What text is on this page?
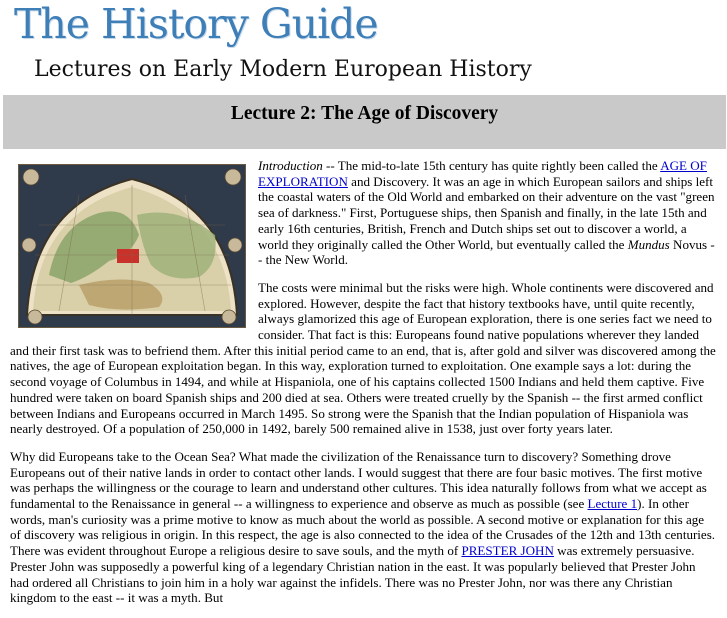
The History Guide
Lectures on Early Modern European History
Lecture 2: The Age of Discovery

Introduction -- The mid-to-late 15th century has quite rightly been called the AGE OF EXPLORATION and Discovery. It was an age in which European sailors and ships left the coastal waters of the Old World and embarked on their adventure on the vast "green sea of darkness." First, Portuguese ships, then Spanish and finally, in the late 15th and early 16th centuries, British, French and Dutch ships set out to discover a world, a world they originally called the Other World, but eventually called the Mundus Novus -- the New World.

The costs were minimal but the risks were high. Whole continents were discovered and explored. However, despite the fact that history textbooks have, until quite recently, always glamorized this age of European exploration, there is one series fact we need to consider. That fact is this: Europeans found native populations wherever they landed and their first task was to befriend them. After this initial period came to an end, that is, after gold and silver was discovered among the natives, the age of European exploitation began. In this way, exploration turned to exploitation. One example says a lot: during the second voyage of Columbus in 1494, and while at Hispaniola, one of his captains collected 1500 Indians and held them captive. Five hundred were taken on board Spanish ships and 200 died at sea. Others were treated cruelly by the Spanish -- the first armed conflict between Indians and Europeans occurred in March 1495. So strong were the Spanish that the Indian population of Hispaniola was nearly destroyed. Of a population of 250,000 in 1492, barely 500 remained alive in 1538, just over forty years later.

Why did Europeans take to the Ocean Sea? What made the civilization of the Renaissance turn to discovery? Something drove Europeans out of their native lands in order to contact other lands. I would suggest that there are four basic motives. The first motive was perhaps the willingness or the courage to learn and understand other cultures. This idea naturally follows from what we accept as fundamental to the Renaissance in general -- a willingness to experience and observe as much as possible (see Lecture 1). In other words, man's curiosity was a prime motive to know as much about the world as possible. A second motive or explanation for this age of discovery was religious in origin. In this respect, the age is also connected to the idea of the Crusades of the 12th and 13th centuries. There was evident throughout Europe a religious desire to save souls, and the myth of PRESTER JOHN was extremely persuasive. Prester John was supposedly a powerful king of a legendary Christian nation in the east. It was popularly believed that Prester John had ordered all Christians to join him in a holy war against the infidels. There was no Prester John, nor was there any Christian kingdom to the east -- it was a myth. But
